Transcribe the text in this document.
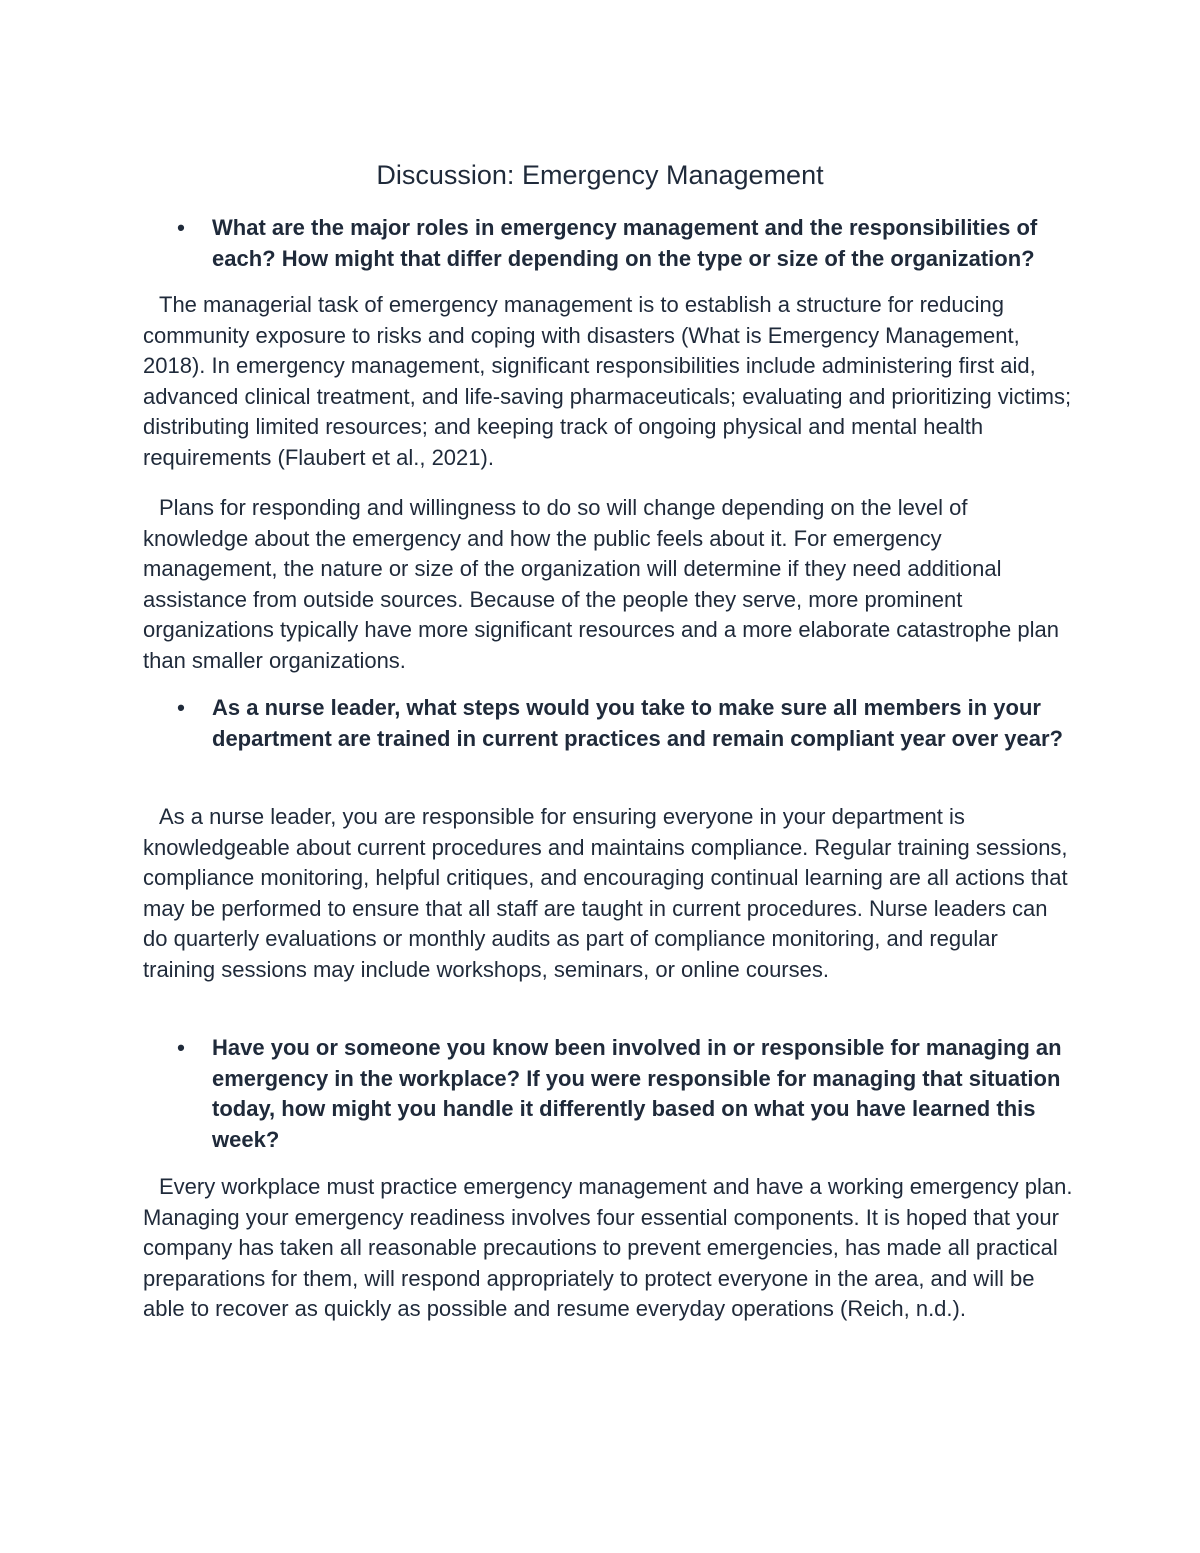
Discussion: Emergency Management
• What are the major roles in emergency management and the responsibilities of each? How might that differ depending on the type or size of the organization?

The managerial task of emergency management is to establish a structure for reducing community exposure to risks and coping with disasters (What is Emergency Management, 2018). In emergency management, significant responsibilities include administering first aid, advanced clinical treatment, and life-saving pharmaceuticals; evaluating and prioritizing victims; distributing limited resources; and keeping track of ongoing physical and mental health requirements (Flaubert et al., 2021).

Plans for responding and willingness to do so will change depending on the level of knowledge about the emergency and how the public feels about it. For emergency management, the nature or size of the organization will determine if they need additional assistance from outside sources. Because of the people they serve, more prominent organizations typically have more significant resources and a more elaborate catastrophe plan than smaller organizations.

• As a nurse leader, what steps would you take to make sure all members in your department are trained in current practices and remain compliant year over year?

As a nurse leader, you are responsible for ensuring everyone in your department is knowledgeable about current procedures and maintains compliance. Regular training sessions, compliance monitoring, helpful critiques, and encouraging continual learning are all actions that may be performed to ensure that all staff are taught in current procedures. Nurse leaders can do quarterly evaluations or monthly audits as part of compliance monitoring, and regular training sessions may include workshops, seminars, or online courses.

• Have you or someone you know been involved in or responsible for managing an emergency in the workplace? If you were responsible for managing that situation today, how might you handle it differently based on what you have learned this week?

Every workplace must practice emergency management and have a working emergency plan. Managing your emergency readiness involves four essential components. It is hoped that your company has taken all reasonable precautions to prevent emergencies, has made all practical preparations for them, will respond appropriately to protect everyone in the area, and will be able to recover as quickly as possible and resume everyday operations (Reich, n.d.).
